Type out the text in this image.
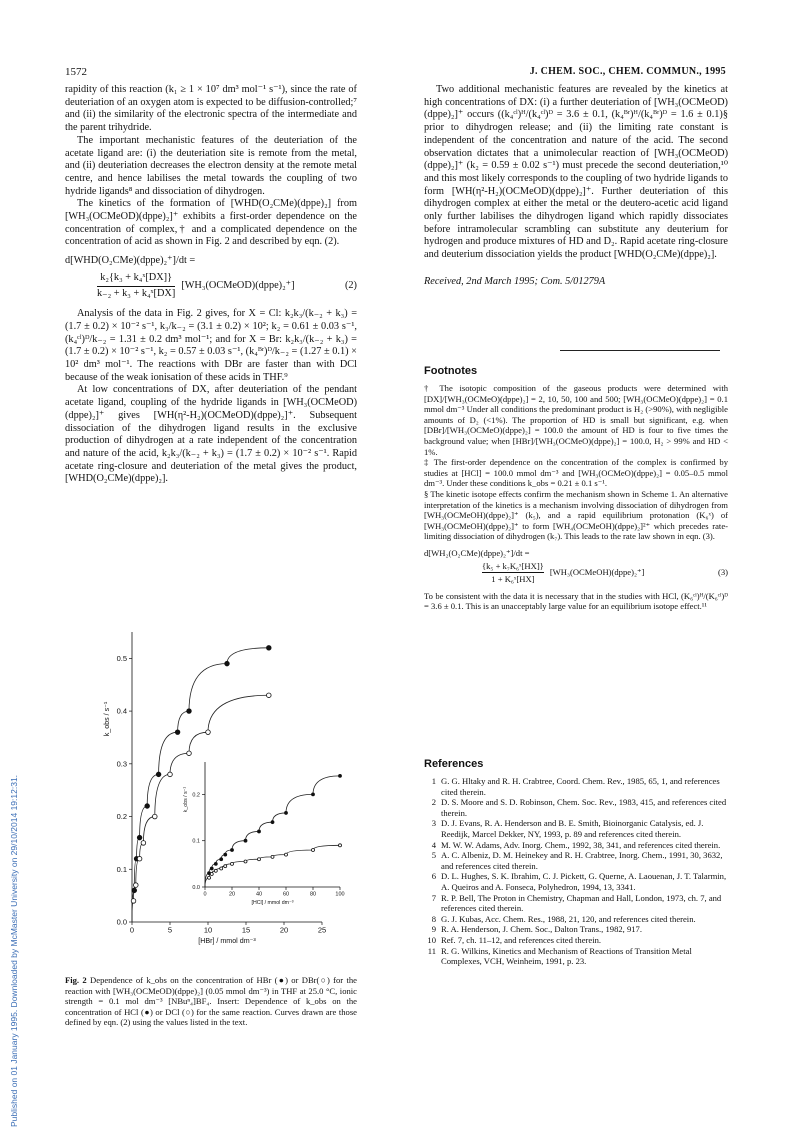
Published on 01 January 1995. Downloaded by McMaster University on 29/10/2014 19:12:31.
1572	J. CHEM. SOC., CHEM. COMMUN., 1995

rapidity of this reaction (k₁ ≥ 1 × 10⁷ dm³ mol⁻¹ s⁻¹), since the rate of deuteriation of an oxygen atom is expected to be diffusion-controlled;⁷ and (ii) the similarity of the electronic spectra of the intermediate and the parent trihydride.

The important mechanistic features of the deuteriation of the acetate ligand are: (i) the deuteriation site is remote from the metal, and (ii) deuteriation decreases the electron density at the remote metal centre, and hence labilises the metal towards the coupling of two hydride ligands⁸ and dissociation of dihydrogen.

The kinetics of the formation of [WHD(O₂CMe)(dppe)₂] from [WH₃(OCMeOD)(dppe)₂]⁺ exhibits a first-order dependence on the concentration of complex,† and a complicated dependence on the concentration of acid as shown in Fig. 2 and described by eqn. (2).

d[WHD(O₂CMe)(dppe)₂⁺]/dt =
k₂{k₃ + k₄ˣ[DX]}
k₋₂ + k₃ + k₄ˣ[DX]
[WH₃(OCMeOD)(dppe)₂⁺]	(2)

Analysis of the data in Fig. 2 gives, for X = Cl: k₂k₃/(k₋₂ + k₃) = (1.7 ± 0.2) × 10⁻² s⁻¹, k₃/k₋₂ = (3.1 ± 0.2) × 10²; k₂ = 0.61 ± 0.03 s⁻¹, (k₄ᶜˡ)ᴰ/k₋₂ = 1.31 ± 0.2 dm³ mol⁻¹; and for X = Br: k₂k₃/(k₋₂ + k₃) = (1.7 ± 0.2) × 10⁻² s⁻¹, k₂ = 0.57 ± 0.03 s⁻¹, (k₄ᴮʳ)ᴰ/k₋₂ = (1.27 ± 0.1) × 10² dm³ mol⁻¹. The reactions with DBr are faster than with DCl because of the weak ionisation of these acids in THF.⁹

At low concentrations of DX, after deuteriation of the pendant acetate ligand, coupling of the hydride ligands in [WH₃(OCMeOD)(dppe)₂]⁺ gives [WH(η²-H₂)(OCMeOD)(dppe)₂]⁺. Subsequent dissociation of the dihydrogen ligand results in the exclusive production of dihydrogen at a rate independent of the concentration and nature of the acid, k₂k₃/(k₋₂ + k₃) = (1.7 ± 0.2) × 10⁻² s⁻¹. Rapid acetate ring-closure and deuteriation of the metal gives the product, [WHD(O₂CMe)(dppe)₂].

0	5	10	15	20	25
0.0
0.1
0.2
0.3
0.4
0.5
[HBr] / mmol dm⁻³
k_obs / s⁻¹
0	20	40	60	80	100
0.0
0.1
0.2
[HCl] / mmol dm⁻³
k_obs / s⁻¹
Fig. 2 Dependence of k_obs on the concentration of HBr (●) or DBr(○) for the reaction with [WH₃(OCMeOD)(dppe)₂] (0.05 mmol dm⁻³) in THF at 25.0 °C, ionic strength = 0.1 mol dm⁻³ [NBuⁿ₄]BF₄. Insert: Dependence of k_obs on the concentration of HCl (●) or DCl (○) for the same reaction. Curves drawn are those defined by eqn. (2) using the values listed in the text.

Two additional mechanistic features are revealed by the kinetics at high concentrations of DX: (i) a further deuteriation of [WH₃(OCMeOD)(dppe)₂]⁺ occurs ((k₄ᶜˡ)ᴴ/(k₄ᶜˡ)ᴰ = 3.6 ± 0.1, (k₄ᴮʳ)ᴴ/(k₄ᴮʳ)ᴰ = 1.6 ± 0.1)§ prior to dihydrogen release; and (ii) the limiting rate constant is independent of the concentration and nature of the acid. The second observation dictates that a unimolecular reaction of [WH₃(OCMeOD)(dppe)₂]⁺ (k₂ = 0.59 ± 0.02 s⁻¹) must precede the second deuteriation,¹⁰ and this most likely corresponds to the coupling of two hydride ligands to form [WH(η²-H₂)(OCMeOD)(dppe)₂]⁺. Further deuteriation of this dihydrogen complex at either the metal or the deutero-acetic acid ligand only further labilises the dihydrogen ligand which rapidly dissociates before intramolecular scrambling can substitute any deuterium for hydrogen and produce mixtures of HD and D₂. Rapid acetate ring-closure and deuterium dissociation yields the product [WHD(O₂CMe)(dppe)₂].

Received, 2nd March 1995; Com. 5/01279A

Footnotes

† The isotopic composition of the gaseous products were determined with [DX]/[WH₃(OCMeO)(dppe)₂] = 2, 10, 50, 100 and 500; [WH₃(OCMeO)(dppe)₂] = 0.1 mmol dm⁻³ Under all conditions the predominant product is H₂ (>90%), with negligible amounts of D₂ (<1%). The proportion of HD is small but significant, e.g. when [DBr]/[WH₃(OCMeO)(dppe)₂] = 100.0 the amount of HD is four to five times the background value; when [HBr]/[WH₃(OCMeO)(dppe)₂] = 100.0, H₂ > 99% and HD < 1%.

‡ The first-order dependence on the concentration of the complex is confirmed by studies at [HCl] = 100.0 mmol dm⁻³ and [WH₃(OCMeO)(dppe)₂] = 0.05–0.5 mmol dm⁻³. Under these conditions k_obs = 0.21 ± 0.1 s⁻¹.

§ The kinetic isotope effects confirm the mechanism shown in Scheme 1. An alternative interpretation of the kinetics is a mechanism involving dissociation of dihydrogen from [WH₃(OCMeOH)(dppe)₂]⁺ (k₅), and a rapid equilibrium protonation (K₆ˣ) of [WH₃(OCMeOH)(dppe)₂]⁺ to form [WH₄(OCMeOH)(dppe)₂]²⁺ which precedes rate-limiting dissociation of dihydrogen (k₇). This leads to the rate law shown in eqn. (3).

d[WH₂(O₂CMe)(dppe)₂⁺]/dt =
{k₅ + k₇K₆ˣ[HX]}
1 + K₆ˣ[HX]
[WH₃(OCMeOH)(dppe)₂⁺]	(3)

To be consistent with the data it is necessary that in the studies with HCl, (K₆ᶜˡ)ᴴ/(K₆ᶜˡ)ᴰ = 3.6 ± 0.1. This is an unacceptably large value for an equilibrium isotope effect.¹¹

References
1 G. G. Hltaky and R. H. Crabtree, Coord. Chem. Rev., 1985, 65, 1, and references cited therein.
2 D. S. Moore and S. D. Robinson, Chem. Soc. Rev., 1983, 415, and references cited therein.
3 D. J. Evans, R. A. Henderson and B. E. Smith, Bioinorganic Catalysis, ed. J. Reedijk, Marcel Dekker, NY, 1993, p. 89 and references cited therein.
4 M. W. W. Adams, Adv. Inorg. Chem., 1992, 38, 341, and references cited therein.
5 A. C. Albeniz, D. M. Heinekey and R. H. Crabtree, Inorg. Chem., 1991, 30, 3632, and references cited therein.
6 D. L. Hughes, S. K. Ibrahim, C. J. Pickett, G. Querne, A. Laouenan, J. T. Talarmin, A. Queiros and A. Fonseca, Polyhedron, 1994, 13, 3341.
7 R. P. Bell, The Proton in Chemistry, Chapman and Hall, London, 1973, ch. 7, and references cited therein.
8 G. J. Kubas, Acc. Chem. Res., 1988, 21, 120, and references cited therein.
9 R. A. Henderson, J. Chem. Soc., Dalton Trans., 1982, 917.
10 Ref. 7, ch. 11–12, and references cited therein.
11 R. G. Wilkins, Kinetics and Mechanism of Reactions of Transition Metal Complexes, VCH, Weinheim, 1991, p. 23.
